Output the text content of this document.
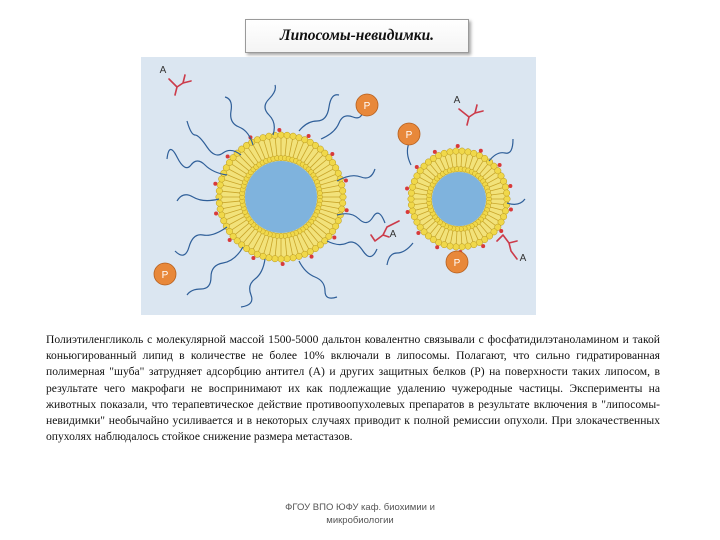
Липосомы-невидимки.
P
P
P
P
A
A
A
A
Полиэтиленгликоль с молекулярной массой 1500-5000 дальтон ковалентно связывали с фосфатидилэтаноламином и такой коньюгированный липид в количестве не более 10% включали в липосомы. Полагают, что сильно гидратированная полимерная "шуба" затрудняет адсорбцию антител (А) и других защитных белков (Р) на поверхности таких липосом, в результате чего макрофаги не воспринимают их как подлежащие удалению чужеродные частицы. Эксперименты на животных показали, что терапевтическое действие противоопухолевых препаратов в результате включения в "липосомы-невидимки" необычайно усиливается и в некоторых случаях приводит к полной ремиссии опухоли. При злокачественных опухолях наблюдалось стойкое снижение размера метастазов.
ФГОУ ВПО ЮФУ каф. биохимии и
микробиологии
